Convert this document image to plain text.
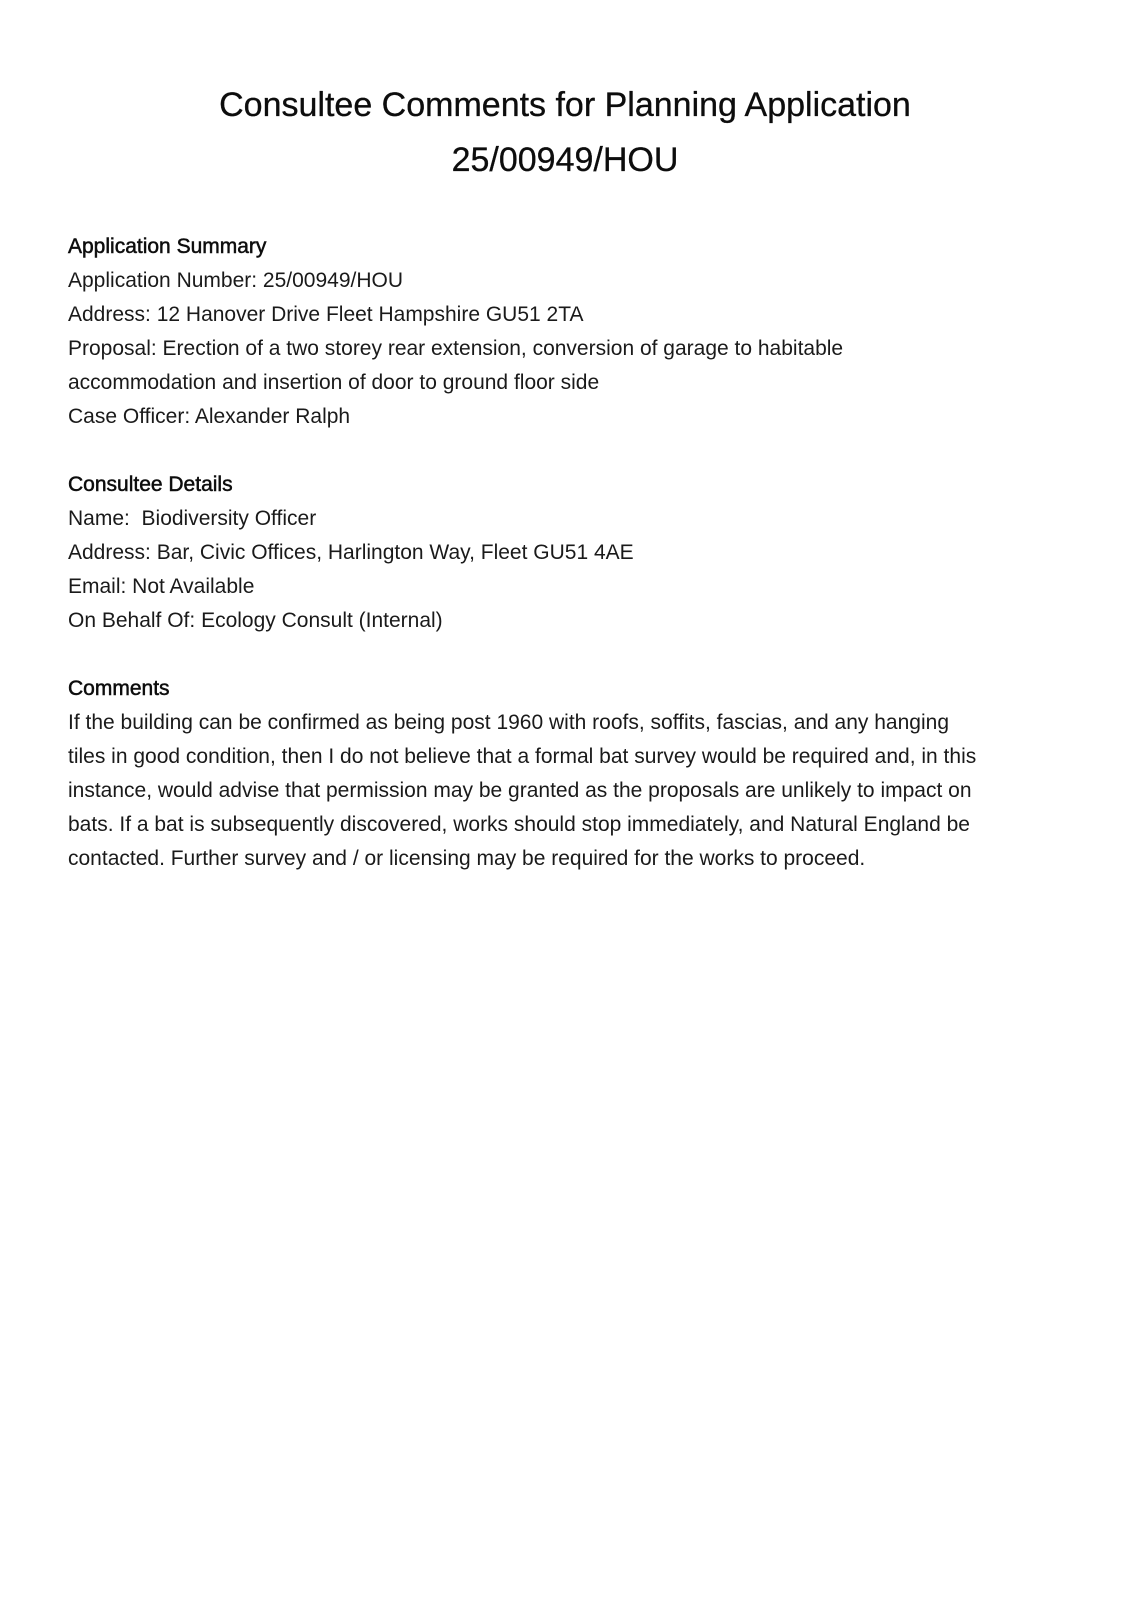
Consultee Comments for Planning Application
25/00949/HOU
Application Summary
Application Number: 25/00949/HOU
Address: 12 Hanover Drive Fleet Hampshire GU51 2TA
Proposal: Erection of a two storey rear extension, conversion of garage to habitable
accommodation and insertion of door to ground floor side
Case Officer: Alexander Ralph
Consultee Details
Name:  Biodiversity Officer
Address: Bar, Civic Offices, Harlington Way, Fleet GU51 4AE
Email: Not Available
On Behalf Of: Ecology Consult (Internal)
Comments
If the building can be confirmed as being post 1960 with roofs, soffits, fascias, and any hanging
tiles in good condition, then I do not believe that a formal bat survey would be required and, in this
instance, would advise that permission may be granted as the proposals are unlikely to impact on
bats. If a bat is subsequently discovered, works should stop immediately, and Natural England be
contacted. Further survey and / or licensing may be required for the works to proceed.
